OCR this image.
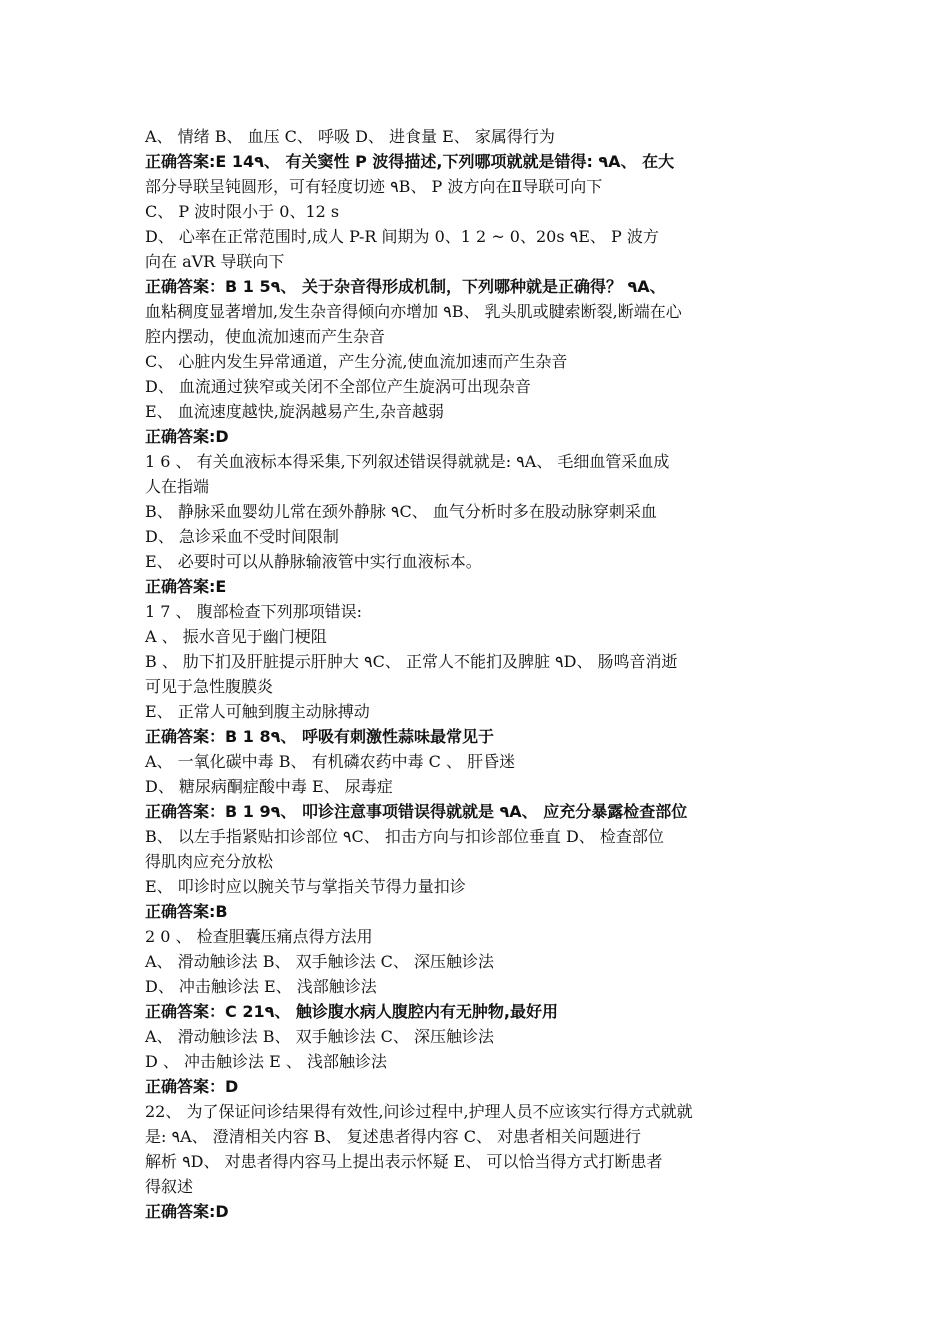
A、 情绪 B、 血压 C、 呼吸 D、 进食量 E、 家属得行为
正确答案:E 14۹、 有关窦性 P 波得描述,下列哪项就就是错得: ۹A、 在大
部分导联呈钝圆形，可有轻度切迹 ۹B、 P 波方向在Ⅱ导联可向下
C、 P 波时限小于 0、12 s
D、 心率在正常范围时,成人 P-R 间期为 0、1 2 ~ 0、20s ۹E、 P 波方
向在 aVR 导联向下
正确答案：B 1 5۹、 关于杂音得形成机制，下列哪种就是正确得？ ۹A、
血粘稠度显著增加,发生杂音得倾向亦增加 ۹B、 乳头肌或腱索断裂,断端在心
腔内摆动，使血流加速而产生杂音
C、 心脏内发生异常通道，产生分流,使血流加速而产生杂音
D、 血流通过狭窄或关闭不全部位产生旋涡可出现杂音
E、 血流速度越快,旋涡越易产生,杂音越弱
正确答案:D
1 6 、 有关血液标本得采集,下列叙述错误得就就是: ۹A、 毛细血管采血成
人在指端
B、 静脉采血婴幼儿常在颈外静脉 ۹C、 血气分析时多在股动脉穿刺采血
D、 急诊采血不受时间限制
E、 必要时可以从静脉输液管中实行血液标本。
正确答案:E
1 7 、 腹部检查下列那项错误:
A 、 振水音见于幽门梗阻
B 、 肋下扪及肝脏提示肝肿大 ۹C、 正常人不能扪及脾脏 ۹D、 肠鸣音消逝
可见于急性腹膜炎
E、 正常人可触到腹主动脉搏动
正确答案：B 1 8۹、 呼吸有刺激性蒜味最常见于
A、 一氧化碳中毒 B、 有机磷农药中毒 C 、 肝昏迷
D、 糖尿病酮症酸中毒 E、 尿毒症
正确答案：B 1 9۹、 叩诊注意事项错误得就就是 ۹A、 应充分暴露检查部位
B、 以左手指紧贴扣诊部位 ۹C、 扣击方向与扣诊部位垂直 D、 检查部位
得肌肉应充分放松
E、 叩诊时应以腕关节与掌指关节得力量扣诊
正确答案:B
2 0 、 检查胆囊压痛点得方法用
A、 滑动触诊法 B、 双手触诊法 C、 深压触诊法
D、 冲击触诊法 E、 浅部触诊法
正确答案：C 21۹、 触诊腹水病人腹腔内有无肿物,最好用
A、 滑动触诊法 B、 双手触诊法 C、 深压触诊法
D 、 冲击触诊法 E 、 浅部触诊法
正确答案：D
22、 为了保证问诊结果得有效性,问诊过程中,护理人员不应该实行得方式就就
是: ۹A、 澄清相关内容 B、 复述患者得内容 C、 对患者相关问题进行
解析 ۹D、 对患者得内容马上提出表示怀疑 E、 可以恰当得方式打断患者
得叙述
正确答案:D
